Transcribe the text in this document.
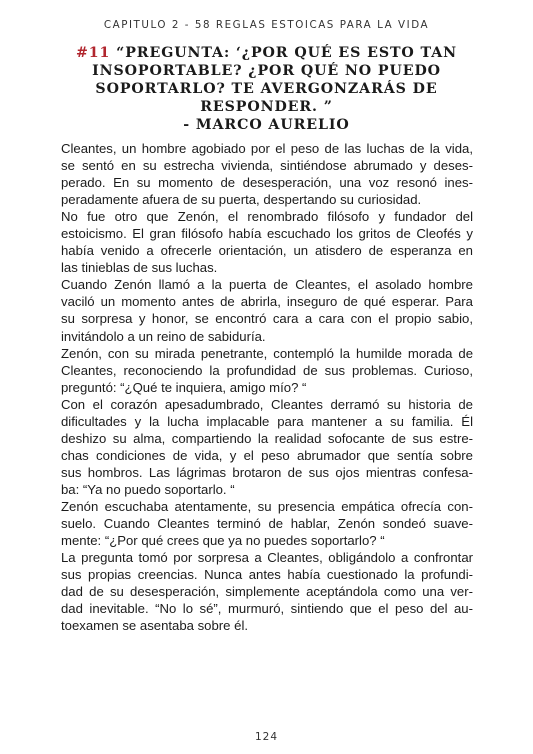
CAPITULO 2 - 58 REGLAS ESTOICAS PARA LA VIDA
#11 “PREGUNTA: ‘¿POR QUÉ ES ESTO TAN
INSOPORTABLE? ¿POR QUÉ NO PUEDO
SOPORTARLO? TE AVERGONZARÁS DE
RESPONDER. ”
- MARCO AURELIO
Cleantes, un hombre agobiado por el peso de las luchas de la vida,
se sentó en su estrecha vivienda, sintiéndose abrumado y deses-
perado. En su momento de desesperación, una voz resonó ines-
peradamente afuera de su puerta, despertando su curiosidad.
No fue otro que Zenón, el renombrado filósofo y fundador del
estoicismo. El gran filósofo había escuchado los gritos de Cleofés y
había venido a ofrecerle orientación, un atisdero de esperanza en
las tinieblas de sus luchas.
Cuando Zenón llamó a la puerta de Cleantes, el asolado hombre
vaciló un momento antes de abrirla, inseguro de qué esperar. Para
su sorpresa y honor, se encontró cara a cara con el propio sabio,
invitándolo a un reino de sabiduría.
Zenón, con su mirada penetrante, contempló la humilde morada de
Cleantes, reconociendo la profundidad de sus problemas. Curioso,
preguntó: “¿Qué te inquiera, amigo mío? “
Con el corazón apesadumbrado, Cleantes derramó su historia de
dificultades y la lucha implacable para mantener a su familia. Él
deshizo su alma, compartiendo la realidad sofocante de sus estre-
chas condiciones de vida, y el peso abrumador que sentía sobre
sus hombros. Las lágrimas brotaron de sus ojos mientras confesa-
ba: “Ya no puedo soportarlo. “
Zenón escuchaba atentamente, su presencia empática ofrecía con-
suelo. Cuando Cleantes terminó de hablar, Zenón sondeó suave-
mente: “¿Por qué crees que ya no puedes soportarlo? “
La pregunta tomó por sorpresa a Cleantes, obligándolo a confrontar
sus propias creencias. Nunca antes había cuestionado la profundi-
dad de su desesperación, simplemente aceptándola como una ver-
dad inevitable. “No lo sé”, murmuró, sintiendo que el peso del au-
toexamen se asentaba sobre él.
124
